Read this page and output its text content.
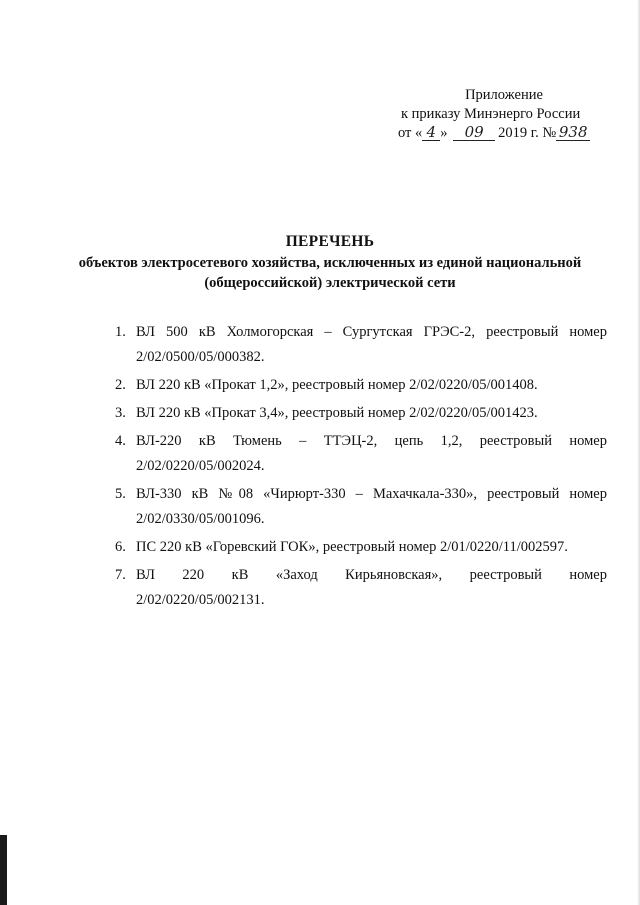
Приложение
к приказу Минэнерго России
от « 4 » 09 2019 г. № 938
ПЕРЕЧЕНЬ
объектов электросетевого хозяйства, исключенных из единой национальной
(общероссийской) электрической сети
1. ВЛ 500 кВ Холмогорская – Сургутская ГРЭС-2, реестровый номер
2/02/0500/05/000382.
2. ВЛ 220 кВ «Прокат 1,2», реестровый номер 2/02/0220/05/001408.
3. ВЛ 220 кВ «Прокат 3,4», реестровый номер 2/02/0220/05/001423.
4. ВЛ-220 кВ Тюмень – ТТЭЦ-2, цепь 1,2, реестровый номер
2/02/0220/05/002024.
5. ВЛ-330 кВ №08 «Чирюрт-330 – Махачкала-330», реестровый номер
2/02/0330/05/001096.
6. ПС 220 кВ «Горевский ГОК», реестровый номер 2/01/0220/11/002597.
7. ВЛ 220 кВ «Заход Кирьяновская», реестровый номер
2/02/0220/05/002131.
